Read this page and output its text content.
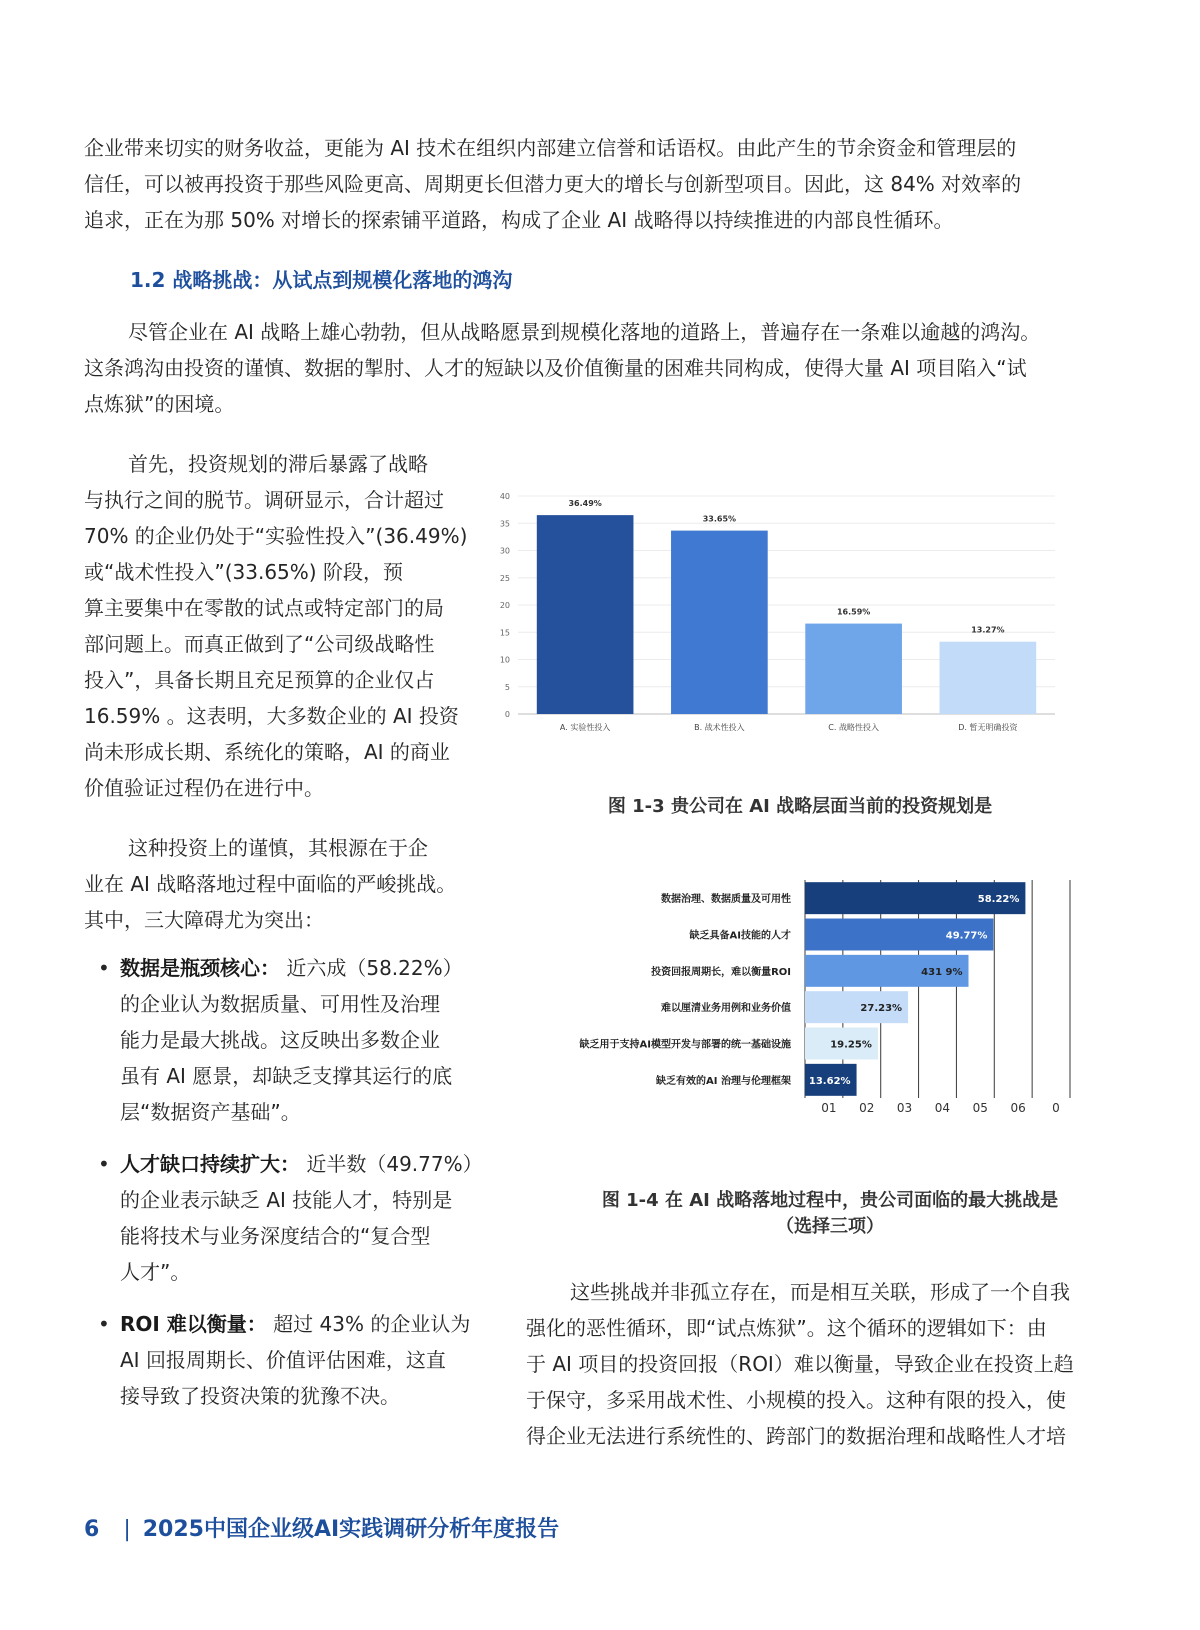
企业带来切实的财务收益，更能为 AI 技术在组织内部建立信誉和话语权。由此产生的节余资金和管理层的
信任，可以被再投资于那些风险更高、周期更长但潜力更大的增长与创新型项目。因此，这 84% 对效率的
追求，正在为那 50% 对增长的探索铺平道路，构成了企业 AI 战略得以持续推进的内部良性循环。
1.2 战略挑战：从试点到规模化落地的鸿沟
尽管企业在 AI 战略上雄心勃勃，但从战略愿景到规模化落地的道路上，普遍存在一条难以逾越的鸿沟。
这条鸿沟由投资的谨慎、数据的掣肘、人才的短缺以及价值衡量的困难共同构成，使得大量 AI 项目陷入“试
点炼狱”的困境。
首先，投资规划的滞后暴露了战略
与执行之间的脱节。调研显示，合计超过
70% 的企业仍处于“实验性投入”(36.49%)
或“战术性投入”(33.65%) 阶段，预
算主要集中在零散的试点或特定部门的局
部问题上。而真正做到了“公司级战略性
投入”，具备长期且充足预算的企业仅占
16.59% 。这表明，大多数企业的 AI 投资
尚未形成长期、系统化的策略，AI 的商业
价值验证过程仍在进行中。
这种投资上的谨慎，其根源在于企
业在 AI 战略落地过程中面临的严峻挑战。
其中，三大障碍尤为突出：
• 数据是瓶颈核心： 近六成（58.22%）
的企业认为数据质量、可用性及治理
能力是最大挑战。这反映出多数企业
虽有 AI 愿景，却缺乏支撑其运行的底
层“数据资产基础”。
• 人才缺口持续扩大： 近半数（49.77%）
的企业表示缺乏 AI 技能人才，特别是
能将技术与业务深度结合的“复合型
人才”。
• ROI 难以衡量： 超过 43% 的企业认为
AI 回报周期长、价值评估困难，这直
接导致了投资决策的犹豫不决。
0
5
10
15
20
25
30
35
40
36.49%
A. 实验性投入
33.65%
B. 战术性投入
16.59%
C. 战略性投入
13.27%
D. 暂无明确投资
图 1-3 贵公司在 AI 战略层面当前的投资规划是
01 02 03 04 05 06 0
58.22%
数据治理、数据质量及可用性
49.77%
缺乏具备AI技能的人才
431 9%
投资回报周期长，难以衡量ROI
27.23%
难以厘清业务用例和业务价值
19.25%
缺乏用于支持AI模型开发与部署的统一基础设施
13.62%
缺乏有效的AI 治理与伦理框架
图 1-4 在 AI 战略落地过程中，贵公司面临的最大挑战是
（选择三项）
这些挑战并非孤立存在，而是相互关联，形成了一个自我
强化的恶性循环，即“试点炼狱”。这个循环的逻辑如下：由
于 AI 项目的投资回报（ROI）难以衡量，导致企业在投资上趋
于保守，多采用战术性、小规模的投入。这种有限的投入，使
得企业无法进行系统性的、跨部门的数据治理和战略性人才培
6 | 2025中国企业级AI实践调研分析年度报告
